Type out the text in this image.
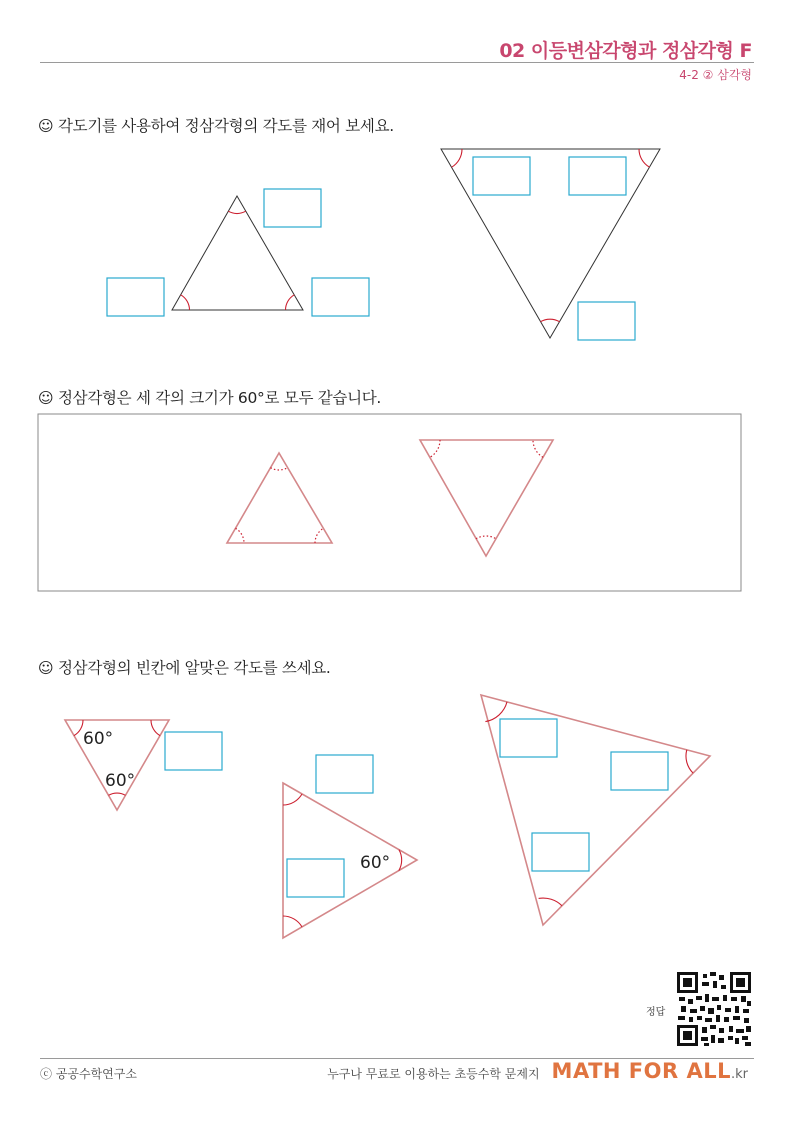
02 이등변삼각형과 정삼각형 F
4-2 ② 삼각형
☺ 각도기를 사용하여 정삼각형의 각도를 재어 보세요.
☺ 정삼각형은 세 각의 크기가 60°로 모두 같습니다.
☺ 정삼각형의 빈칸에 알맞은 각도를 쓰세요.
60°
60°
60°
정답
ⓒ 공공수학연구소	누구나 무료로 이용하는 초등수학 문제지 MATH FOR ALL.kr
